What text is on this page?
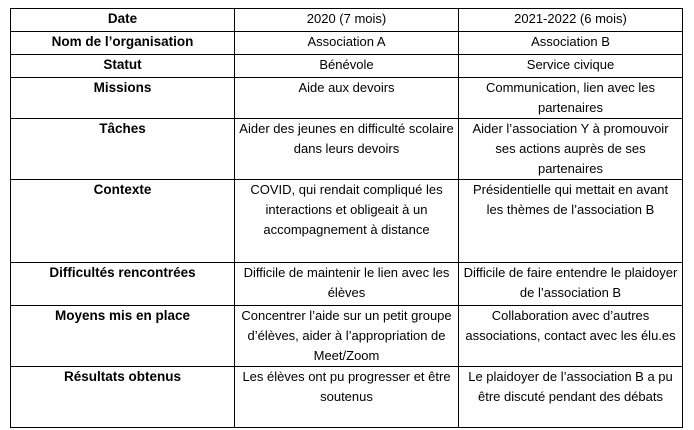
Date	2020 (7 mois)	2021-2022 (6 mois)
Nom de l’organisation	Association A	Association B
Statut	Bénévole	Service civique
Missions	Aide aux devoirs	Communication, lien avec les partenaires
Tâches	Aider des jeunes en difficulté scolaire dans leurs devoirs	Aider l’association Y à promouvoir ses actions auprès de ses partenaires
Contexte	COVID, qui rendait compliqué les interactions et obligeait à un accompagnement à distance	Présidentielle qui mettait en avant les thèmes de l’association B
Difficultés rencontrées	Difficile de maintenir le lien avec les élèves	Difficile de faire entendre le plaidoyer de l’association B
Moyens mis en place	Concentrer l’aide sur un petit groupe d’élèves, aider à l’appropriation de Meet/Zoom	Collaboration avec d’autres associations, contact avec les élu.es
Résultats obtenus	Les élèves ont pu progresser et être soutenus	Le plaidoyer de l’association B a pu être discuté pendant des débats
